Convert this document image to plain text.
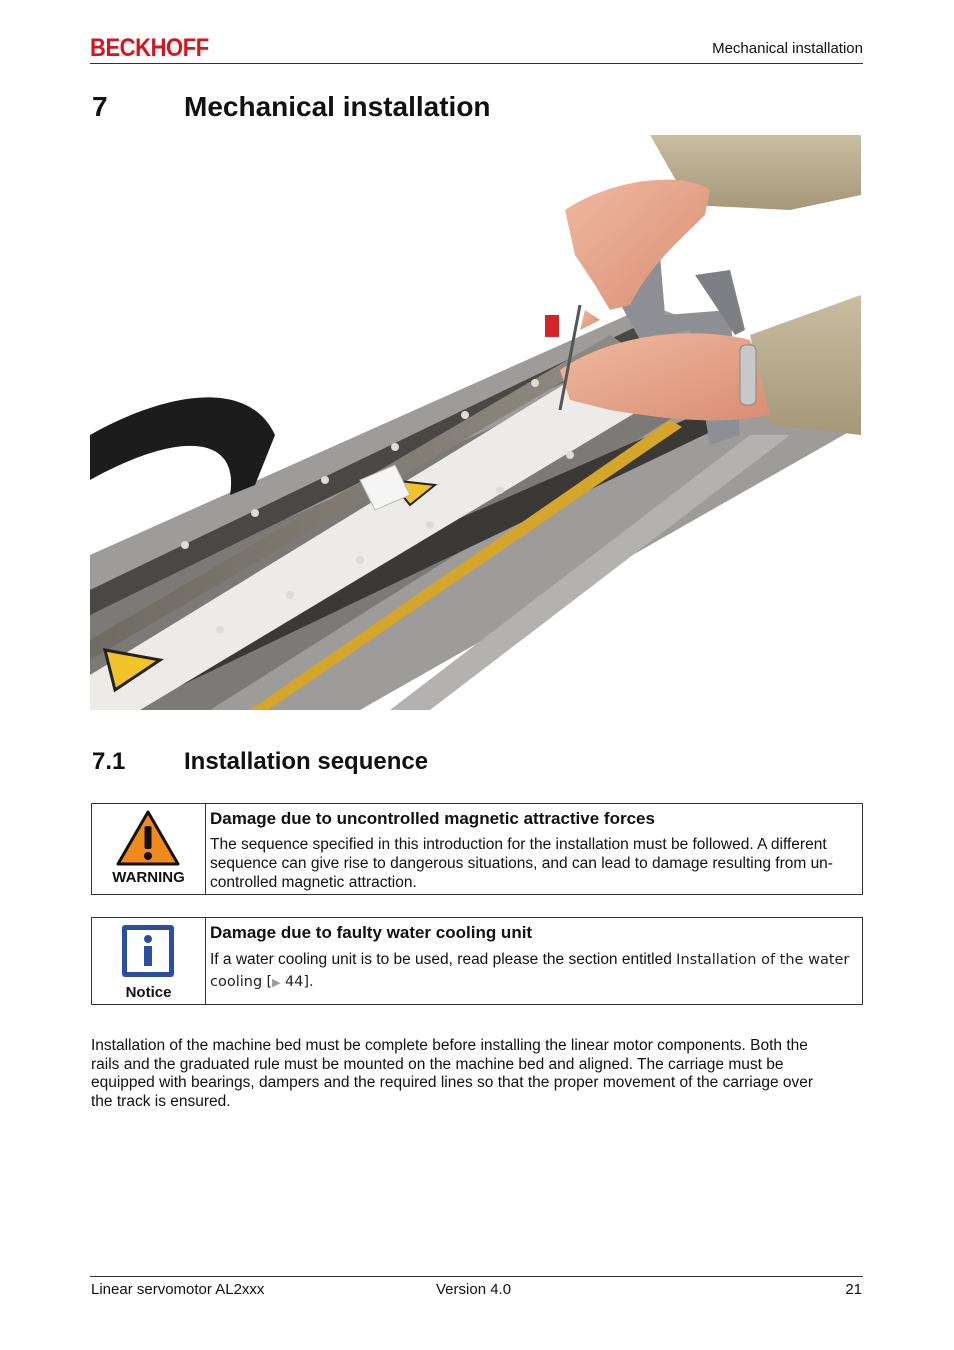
BECKHOFF	Mechanical installation
7	Mechanical installation
7.1 Installation sequence
WARNING
Damage due to uncontrolled magnetic attractive forces
The sequence specified in this introduction for the installation must be followed. A different
sequence can give rise to dangerous situations, and can lead to damage resulting from un-
controlled magnetic attraction.
Notice
Damage due to faulty water cooling unit
If a water cooling unit is to be used, read please the section entitled Installation of the water
cooling [▶ 44].
Installation of the machine bed must be complete before installing the linear motor components. Both the
rails and the graduated rule must be mounted on the machine bed and aligned. The carriage must be
equipped with bearings, dampers and the required lines so that the proper movement of the carriage over
the track is ensured.
Linear servomotor AL2xxx	Version 4.0	21
